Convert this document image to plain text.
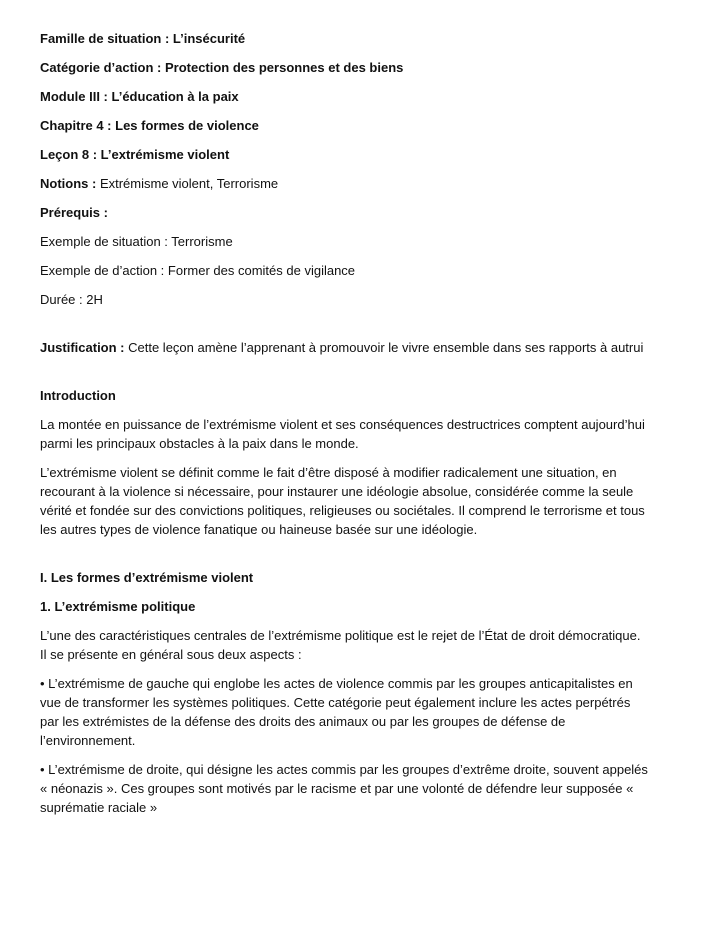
Famille de situation : L’insécurité
Catégorie d’action : Protection des personnes et des biens
Module III : L’éducation à la paix
Chapitre 4 : Les formes de violence
Leçon 8 : L’extrémisme violent
Notions : Extrémisme violent, Terrorisme
Prérequis :
Exemple de situation : Terrorisme
Exemple de d’action : Former des comités de vigilance
Durée : 2H
Justification : Cette leçon amène l’apprenant à promouvoir le vivre ensemble dans ses rapports à autrui
Introduction
La montée en puissance de l’extrémisme violent et ses conséquences destructrices comptent aujourd’hui
parmi les principaux obstacles à la paix dans le monde.
L’extrémisme violent se définit comme le fait d’être disposé à modifier radicalement une situation, en
recourant à la violence si nécessaire, pour instaurer une idéologie absolue, considérée comme la seule
vérité et fondée sur des convictions politiques, religieuses ou sociétales. Il comprend le terrorisme et tous
les autres types de violence fanatique ou haineuse basée sur une idéologie.
I. Les formes d’extrémisme violent
1. L’extrémisme politique
L’une des caractéristiques centrales de l’extrémisme politique est le rejet de l’État de droit démocratique.
Il se présente en général sous deux aspects :
• L’extrémisme de gauche qui englobe les actes de violence commis par les groupes anticapitalistes en
vue de transformer les systèmes politiques. Cette catégorie peut également inclure les actes perpétrés
par les extrémistes de la défense des droits des animaux ou par les groupes de défense de
l’environnement.
• L’extrémisme de droite, qui désigne les actes commis par les groupes d’extrême droite, souvent appelés
« néonazis ». Ces groupes sont motivés par le racisme et par une volonté de défendre leur supposée «
suprématie raciale »
